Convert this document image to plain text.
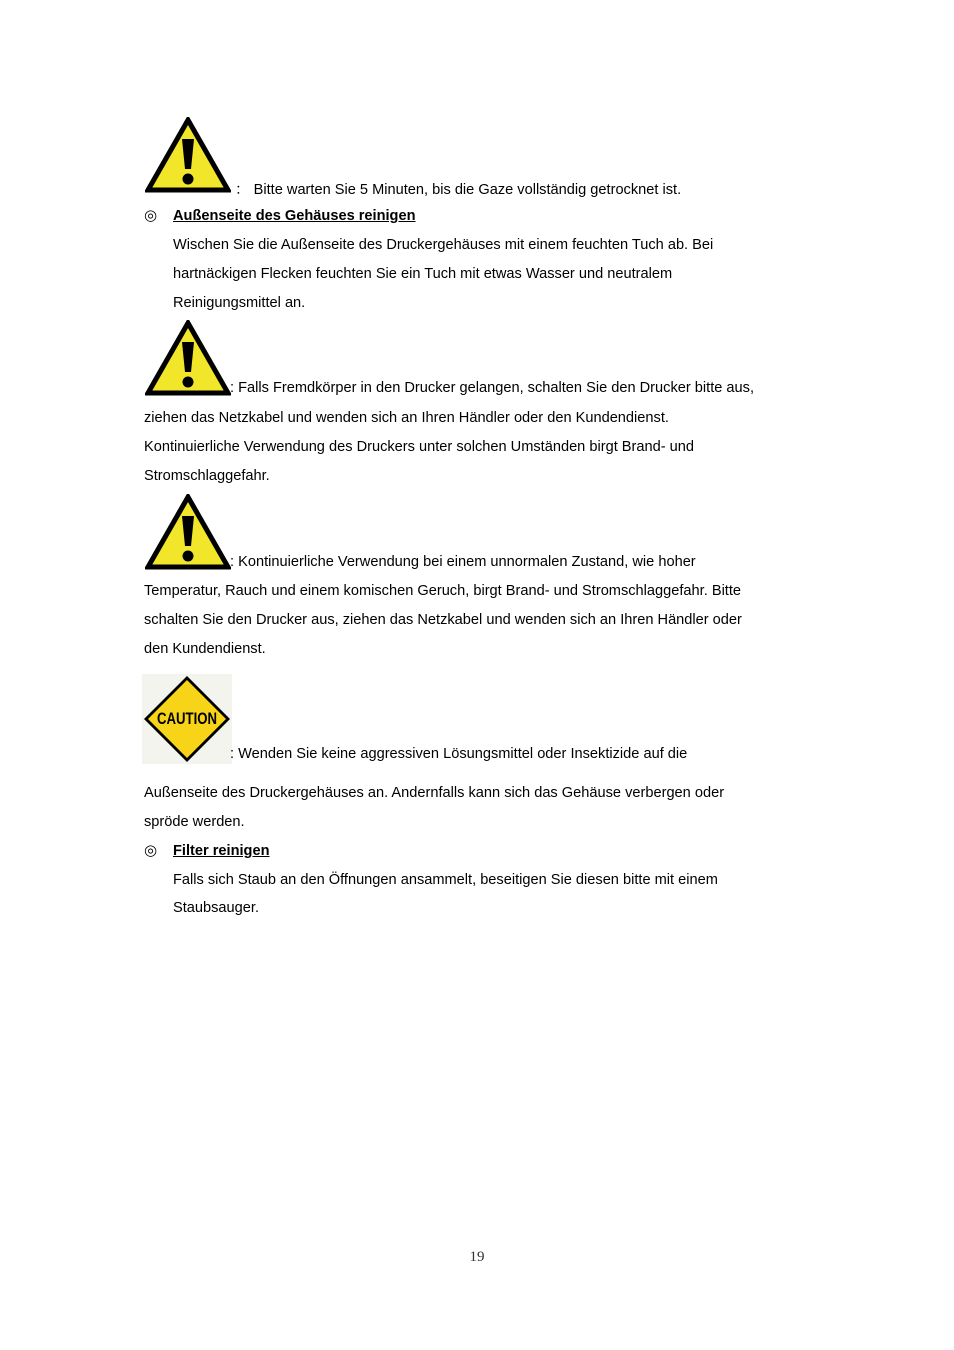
： Bitte warten Sie 5 Minuten, bis die Gaze vollständig getrocknet ist.
◎ Außenseite des Gehäuses reinigen
Wischen Sie die Außenseite des Druckergehäuses mit einem feuchten Tuch ab. Bei
hartnäckigen Flecken feuchten Sie ein Tuch mit etwas Wasser und neutralem
Reinigungsmittel an.
: Falls Fremdkörper in den Drucker gelangen, schalten Sie den Drucker bitte aus,
ziehen das Netzkabel und wenden sich an Ihren Händler oder den Kundendienst.
Kontinuierliche Verwendung des Druckers unter solchen Umständen birgt Brand- und
Stromschlaggefahr.
: Kontinuierliche Verwendung bei einem unnormalen Zustand, wie hoher
Temperatur, Rauch und einem komischen Geruch, birgt Brand- und Stromschlaggefahr. Bitte
schalten Sie den Drucker aus, ziehen das Netzkabel und wenden sich an Ihren Händler oder
den Kundendienst.
CAUTION
: Wenden Sie keine aggressiven Lösungsmittel oder Insektizide auf die
Außenseite des Druckergehäuses an. Andernfalls kann sich das Gehäuse verbergen oder
spröde werden.
◎ Filter reinigen
Falls sich Staub an den Öffnungen ansammelt, beseitigen Sie diesen bitte mit einem
Staubsauger.
19
